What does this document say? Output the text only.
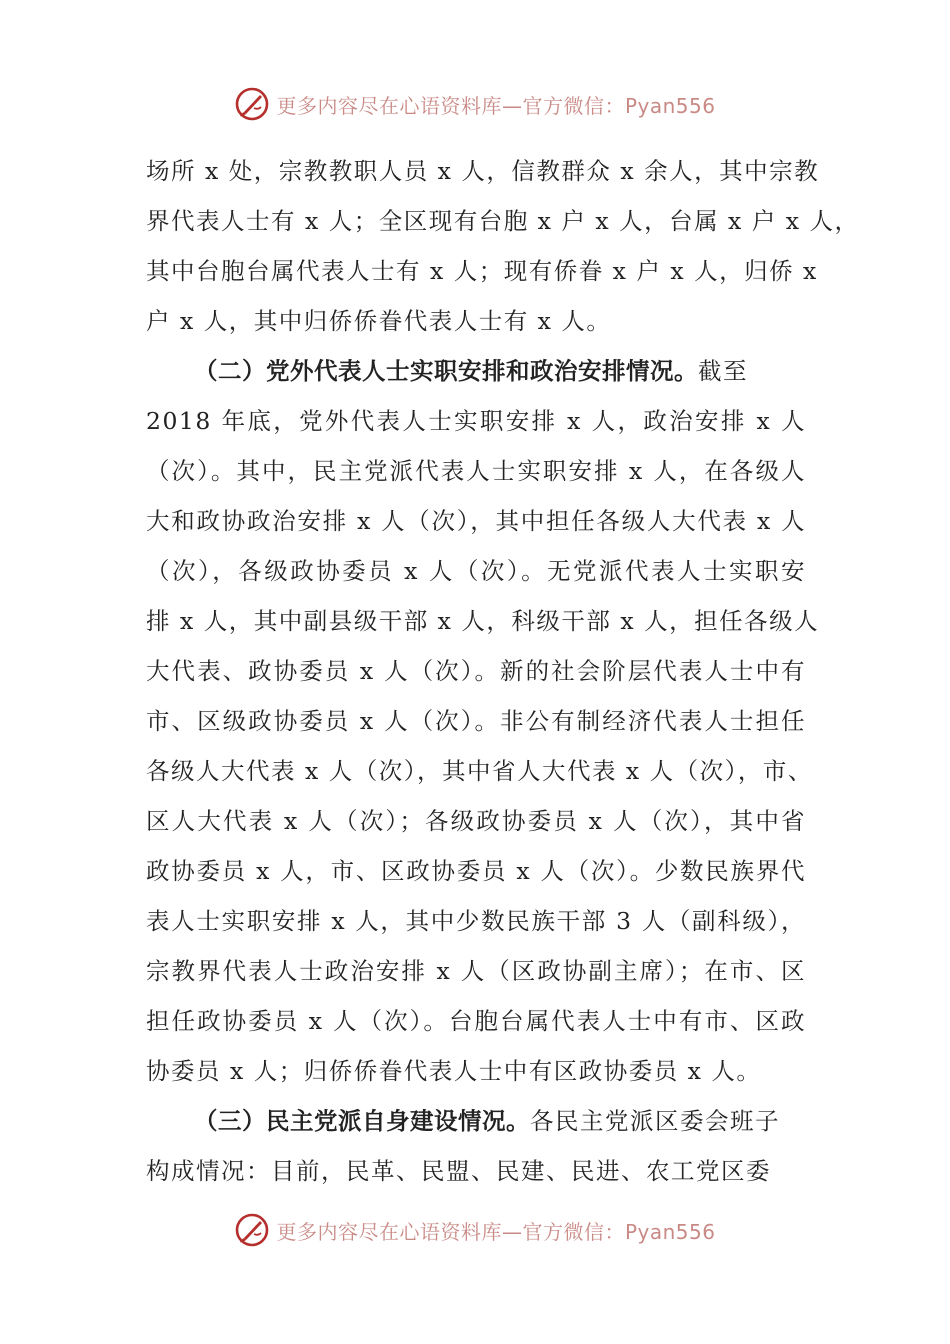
更多内容尽在心语资料库—官方微信：Pyan556
场所 x 处，宗教教职人员 x 人，信教群众 x 余人，其中宗教
界代表人士有 x 人；全区现有台胞 x 户 x 人，台属 x 户 x 人，
其中台胞台属代表人士有 x 人；现有侨眷 x 户 x 人，归侨 x
户 x 人，其中归侨侨眷代表人士有 x 人。
（二）党外代表人士实职安排和政治安排情况。截至
2018 年底，党外代表人士实职安排 x 人，政治安排 x 人
（次）。其中，民主党派代表人士实职安排 x 人，在各级人
大和政协政治安排 x 人（次），其中担任各级人大代表 x 人
（次），各级政协委员 x 人（次）。无党派代表人士实职安
排 x 人，其中副县级干部 x 人，科级干部 x 人，担任各级人
大代表、政协委员 x 人（次）。新的社会阶层代表人士中有
市、区级政协委员 x 人（次）。非公有制经济代表人士担任
各级人大代表 x 人（次），其中省人大代表 x 人（次），市、
区人大代表 x 人（次）；各级政协委员 x 人（次），其中省
政协委员 x 人，市、区政协委员 x 人（次）。少数民族界代
表人士实职安排 x 人，其中少数民族干部 3 人（副科级），
宗教界代表人士政治安排 x 人（区政协副主席）；在市、区
担任政协委员 x 人（次）。台胞台属代表人士中有市、区政
协委员 x 人；归侨侨眷代表人士中有区政协委员 x 人。
（三）民主党派自身建设情况。各民主党派区委会班子
构成情况：目前，民革、民盟、民建、民进、农工党区委
更多内容尽在心语资料库—官方微信：Pyan556
